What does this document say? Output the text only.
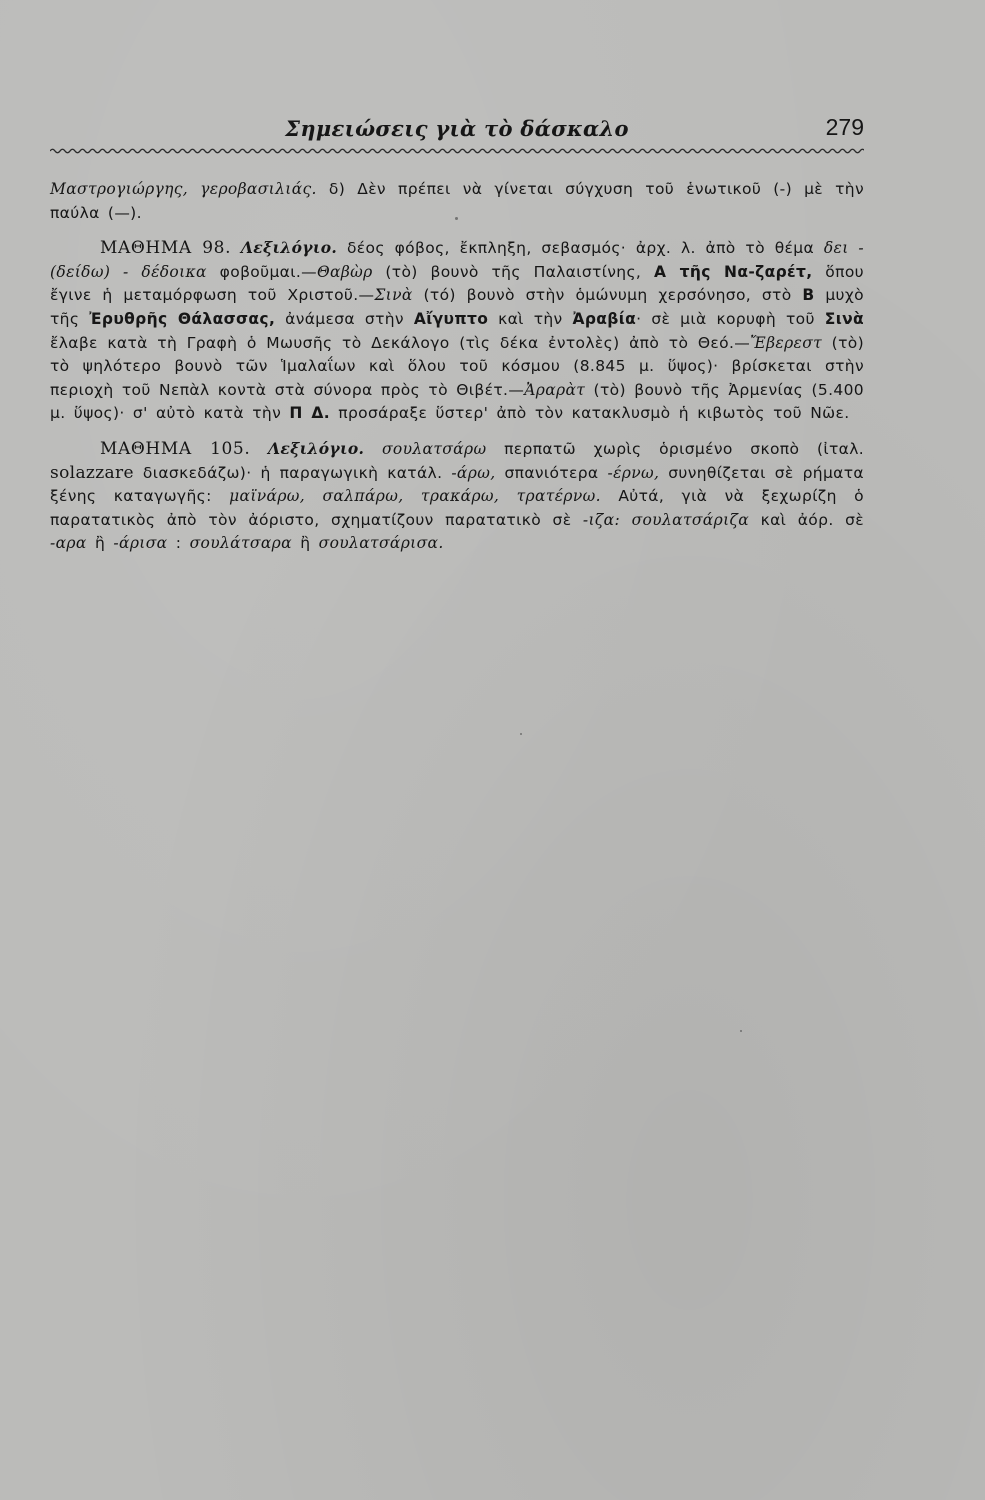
Σημειώσεις γιὰ τὸ δάσκαλο	279

Μαστρογιώργης, γεροβασιλιάς. δ) Δὲν πρέπει νὰ γίνεται σύγχυση τοῦ ἑνωτικοῦ (-) μὲ τὴν παύλα (—).

ΜΑΘΗΜΑ 98. Λεξιλόγιο. δέος φόβος, ἔκπληξη, σεβασμός· ἀρχ. λ. ἀπὸ τὸ θέμα δει - (δείδω) - δέδοικα φοβοῦμαι.—Θαβὼρ (τὸ) βουνὸ τῆς Παλαιστίνης, Α τῆς Να-ζαρέτ, ὅπου ἔγινε ἡ μεταμόρφωση τοῦ Χριστοῦ.—Σινὰ (τό) βουνὸ στὴν ὁμώνυμη χερσόνησο, στὸ Β μυχὸ τῆς Ἐρυθρῆς Θάλασσας, ἀνάμεσα στὴν Αἴγυπτο καὶ τὴν Ἀραβία· σὲ μιὰ κορυφὴ τοῦ Σινὰ ἔλαβε κατὰ τὴ Γραφὴ ὁ Μωυσῆς τὸ Δεκάλογο (τὶς δέκα ἐντολὲς) ἀπὸ τὸ Θεό.—Ἔβερεστ (τὸ) τὸ ψηλότερο βουνὸ τῶν Ἱμαλαΐων καὶ ὅλου τοῦ κόσμου (8.845 μ. ὕψος)· βρίσκεται στὴν περιοχὴ τοῦ Νεπὰλ κοντὰ στὰ σύνορα πρὸς τὸ Θιβέτ.—Ἀραρὰτ (τὸ) βουνὸ τῆς Ἀρμενίας (5.400 μ. ὕψος)· σ' αὐτὸ κατὰ τὴν Π Δ. προσάραξε ὕστερ' ἀπὸ τὸν κατακλυσμὸ ἡ κιβωτὸς τοῦ Νῶε.

ΜΑΘΗΜΑ 105. Λεξιλόγιο. σουλατσάρω περπατῶ χωρὶς ὁρισμένο σκοπὸ (ἰταλ. solazzare διασκεδάζω)· ἡ παραγωγικὴ κατάλ. -άρω, σπανιότερα -έρνω, συνηθίζεται σὲ ρήματα ξένης καταγωγῆς: μαϊνάρω, σαλπάρω, τρακάρω, τρατέρνω. Αὐτά, γιὰ νὰ ξεχωρίζη ὁ παρατατικὸς ἀπὸ τὸν ἀόριστο, σχηματίζουν παρατατικὸ σὲ -ιζα: σουλατσάριζα καὶ ἀόρ. σὲ -αρα ἢ -άρισα : σουλάτσαρα ἢ σουλατσάρισα.
